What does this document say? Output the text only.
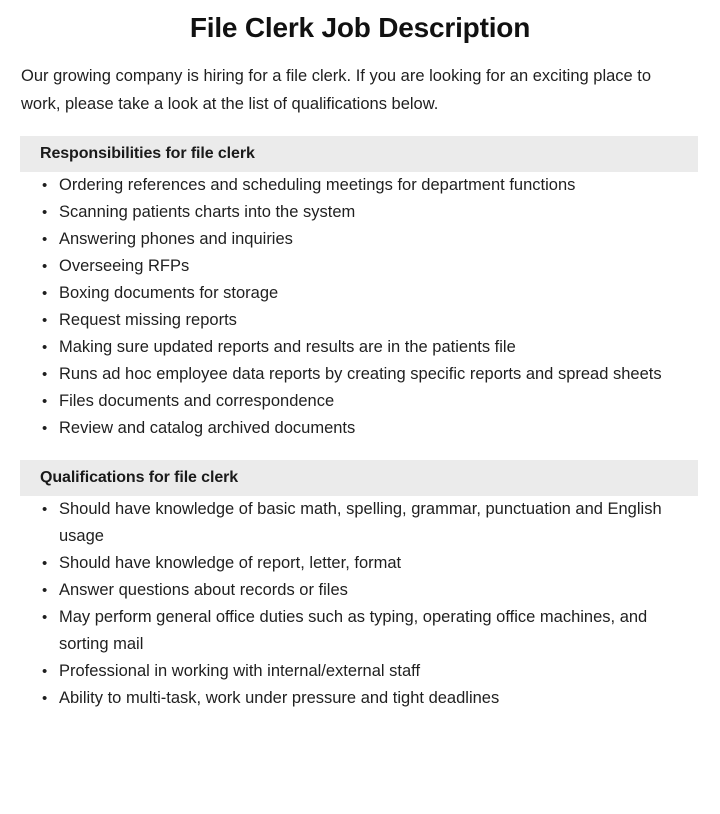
File Clerk Job Description

Our growing company is hiring for a file clerk. If you are looking for an exciting place to work, please take a look at the list of qualifications below.

Responsibilities for file clerk
• Ordering references and scheduling meetings for department functions
• Scanning patients charts into the system
• Answering phones and inquiries
• Overseeing RFPs
• Boxing documents for storage
• Request missing reports
• Making sure updated reports and results are in the patients file
• Runs ad hoc employee data reports by creating specific reports and spread sheets
• Files documents and correspondence
• Review and catalog archived documents
Qualifications for file clerk
• Should have knowledge of basic math, spelling, grammar, punctuation and English usage
• Should have knowledge of report, letter, format
• Answer questions about records or files
• May perform general office duties such as typing, operating office machines, and sorting mail
• Professional in working with internal/external staff
• Ability to multi-task, work under pressure and tight deadlines
